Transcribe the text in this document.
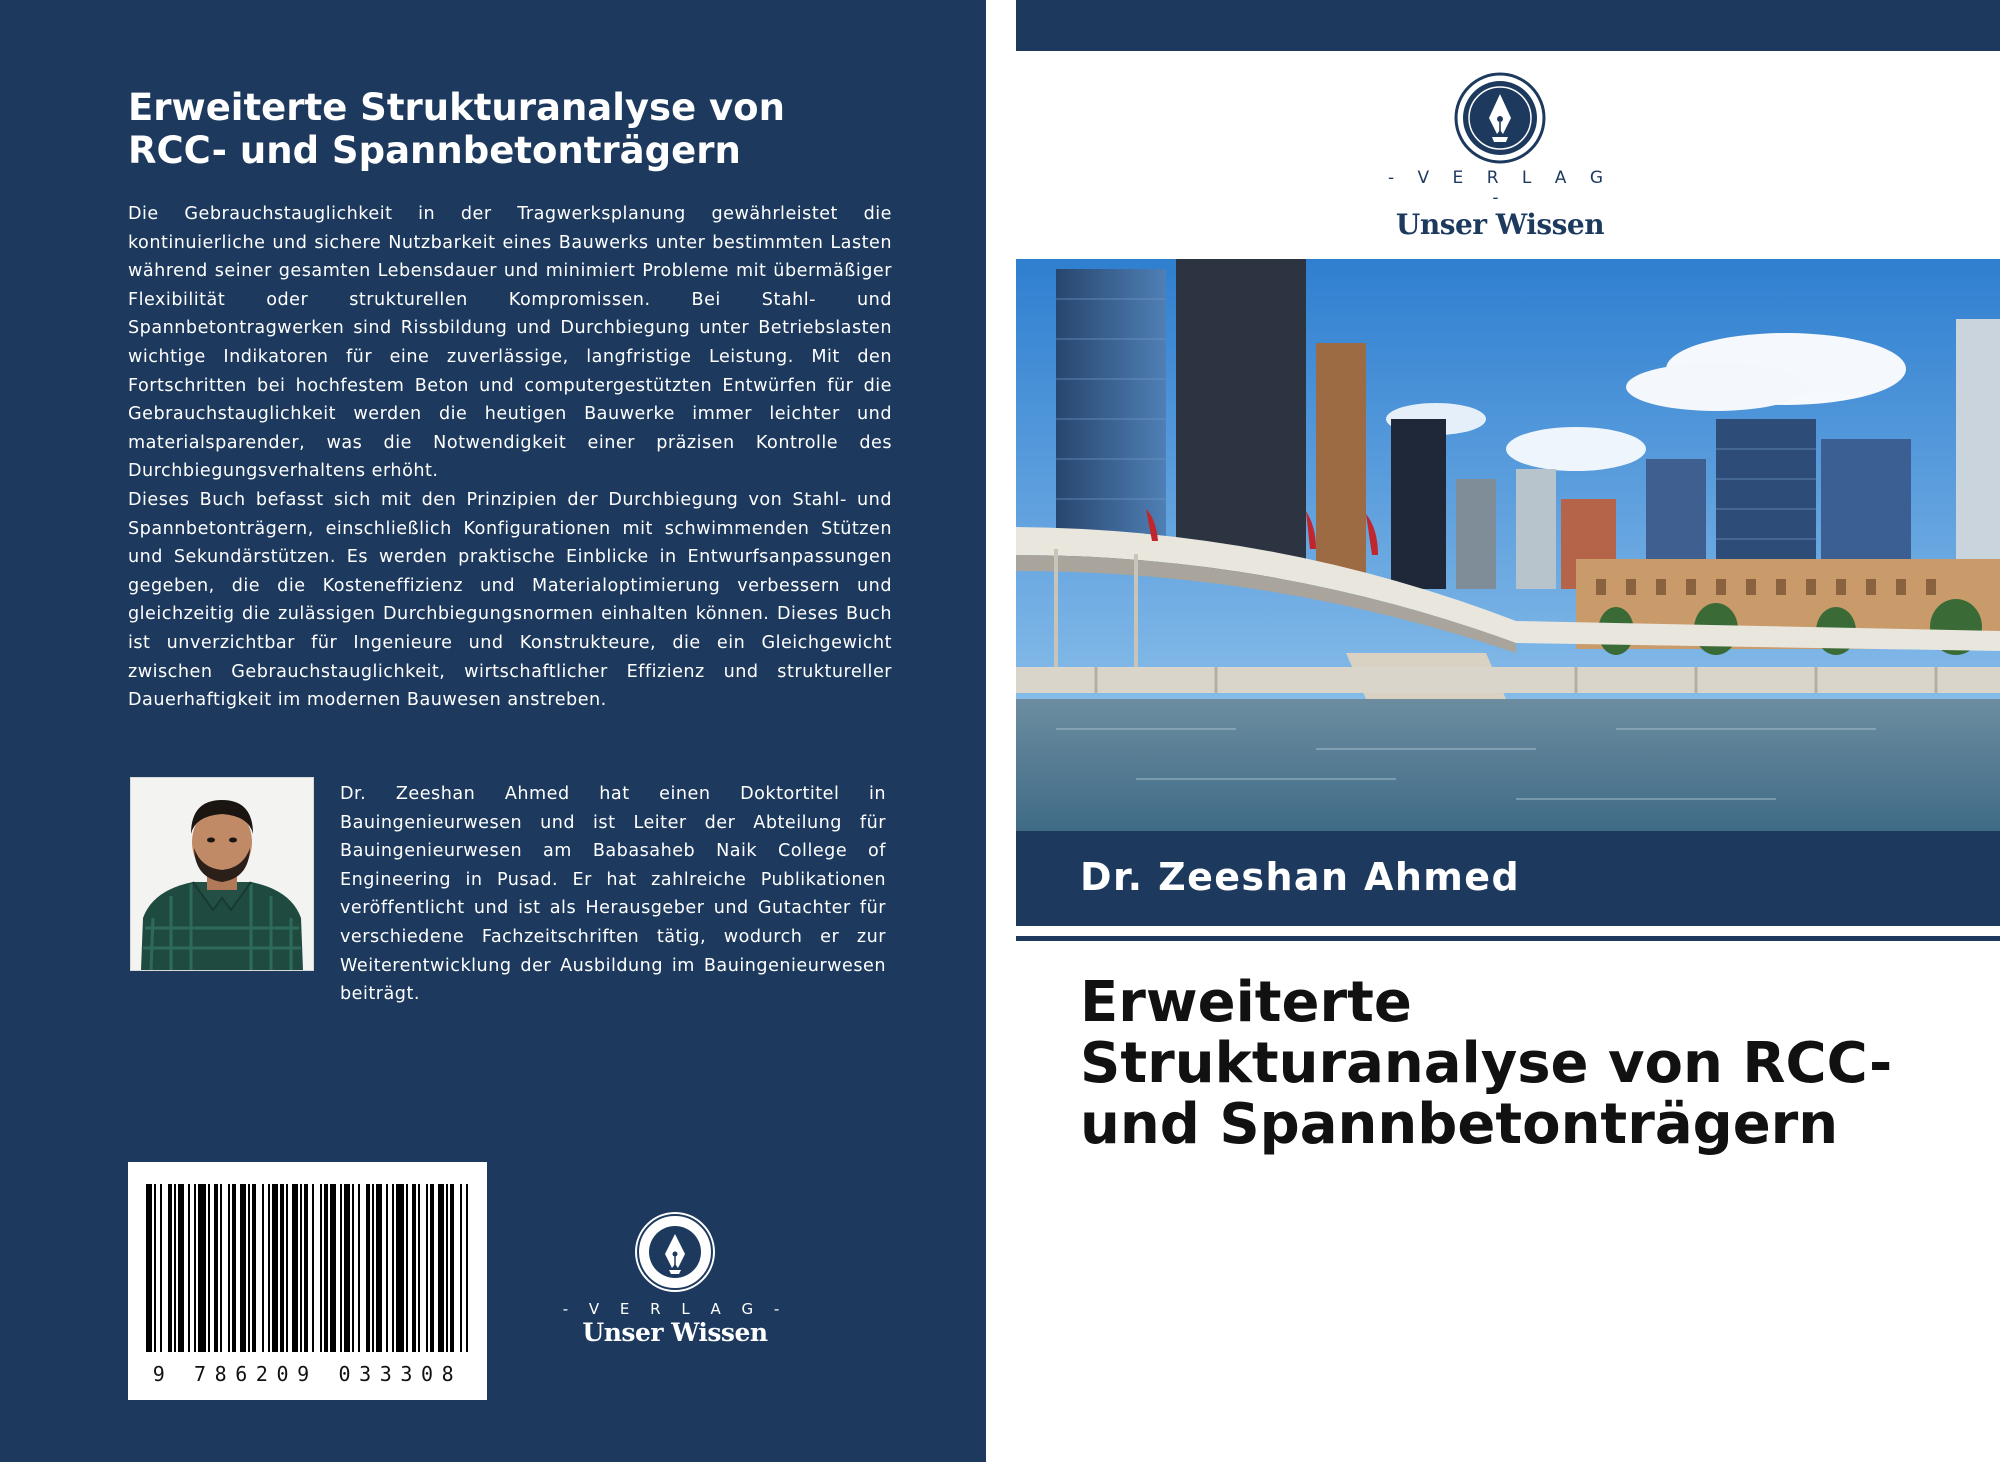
Erweiterte Strukturanalyse von
RCC- und Spannbetonträgern

Die Gebrauchstauglichkeit in der Tragwerksplanung gewährleistet die kontinuierliche und sichere Nutzbarkeit eines Bauwerks unter bestimmten Lasten während seiner gesamten Lebensdauer und minimiert Probleme mit übermäßiger Flexibilität oder strukturellen Kompromissen. Bei Stahl- und Spannbetontragwerken sind Rissbildung und Durchbiegung unter Betriebslasten wichtige Indikatoren für eine zuverlässige, langfristige Leistung. Mit den Fortschritten bei hochfestem Beton und computergestützten Entwürfen für die Gebrauchstauglichkeit werden die heutigen Bauwerke immer leichter und materialsparender, was die Notwendigkeit einer präzisen Kontrolle des Durchbiegungsverhaltens erhöht.

Dieses Buch befasst sich mit den Prinzipien der Durchbiegung von Stahl- und Spannbetonträgern, einschließlich Konfigurationen mit schwimmenden Stützen und Sekundärstützen. Es werden praktische Einblicke in Entwurfsanpassungen gegeben, die die Kosteneffizienz und Materialoptimierung verbessern und gleichzeitig die zulässigen Durchbiegungsnormen einhalten können. Dieses Buch ist unverzichtbar für Ingenieure und Konstrukteure, die ein Gleichgewicht zwischen Gebrauchstauglichkeit, wirtschaftlicher Effizienz und struktureller Dauerhaftigkeit im modernen Bauwesen anstreben.

Dr. Zeeshan Ahmed hat einen Doktortitel in Bauingenieurwesen und ist Leiter der Abteilung für Bauingenieurwesen am Babasaheb Naik College of Engineering in Pusad. Er hat zahlreiche Publikationen veröffentlicht und ist als Herausgeber und Gutachter für verschiedene Fachzeitschriften tätig, wodurch er zur Weiterentwicklung der Ausbildung im Bauingenieurwesen beiträgt.
9 786209 033308
- V E R L A G -
Unser Wissen
- V E R L A G -
Unser Wissen
Dr. Zeeshan Ahmed
Erweiterte
Strukturanalyse von RCC-
und Spannbetonträgern
